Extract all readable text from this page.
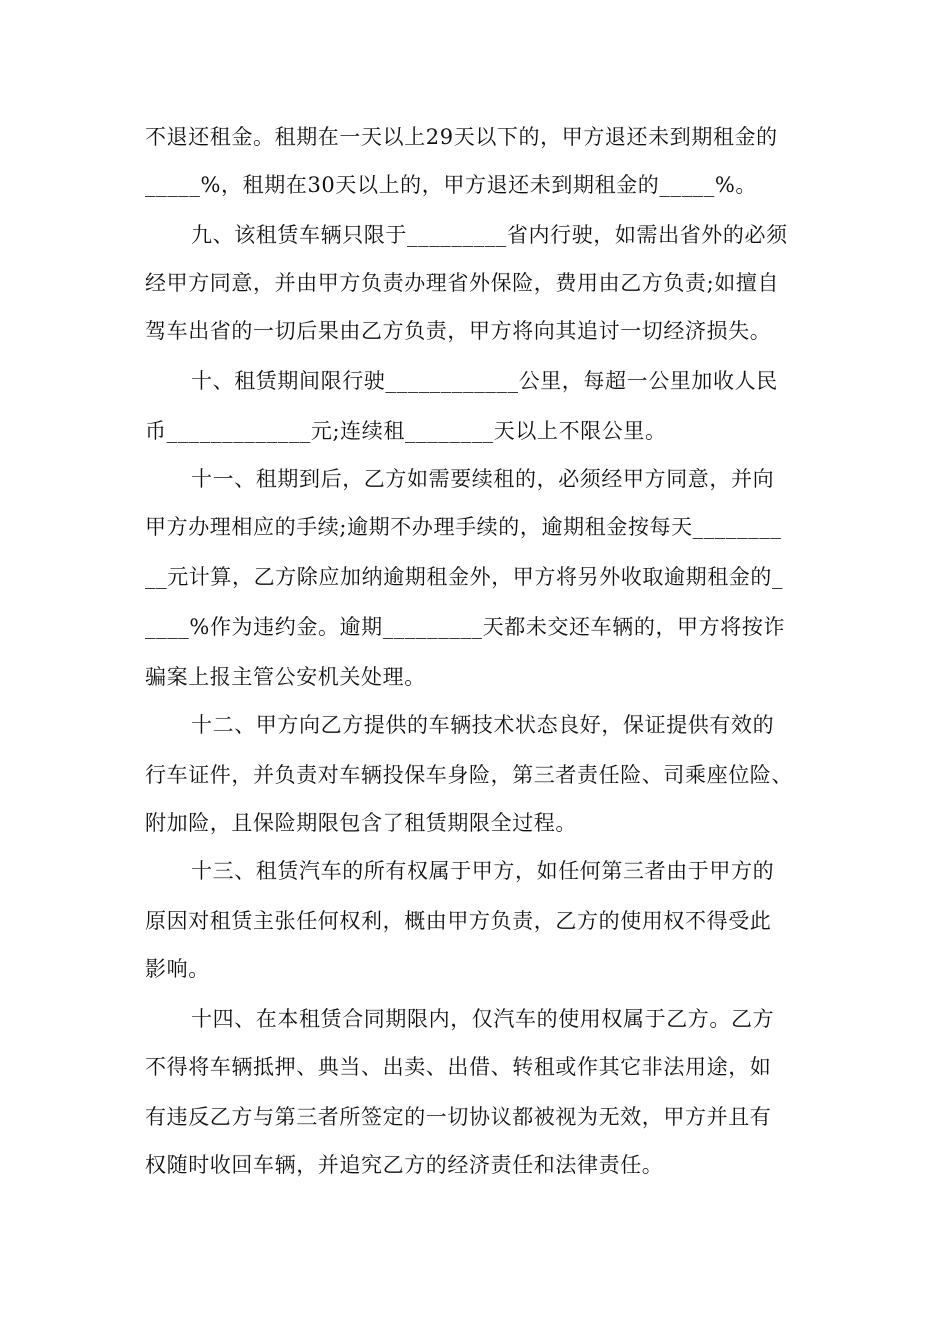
不退还租金。租期在一天以上29天以下的，甲方退还未到期租金的
_____%，租期在30天以上的，甲方退还未到期租金的_____%。
九、该租赁车辆只限于_________省内行驶，如需出省外的必须
经甲方同意，并由甲方负责办理省外保险，费用由乙方负责;如擅自
驾车出省的一切后果由乙方负责，甲方将向其追讨一切经济损失。
十、租赁期间限行驶____________公里，每超一公里加收人民
币_____________元;连续租________天以上不限公里。
十一、租期到后，乙方如需要续租的，必须经甲方同意，并向
甲方办理相应的手续;逾期不办理手续的，逾期租金按每天________
__元计算，乙方除应加纳逾期租金外，甲方将另外收取逾期租金的_
____%作为违约金。逾期_________天都未交还车辆的，甲方将按诈
骗案上报主管公安机关处理。
十二、甲方向乙方提供的车辆技术状态良好，保证提供有效的
行车证件，并负责对车辆投保车身险，第三者责任险、司乘座位险、
附加险，且保险期限包含了租赁期限全过程。
十三、租赁汽车的所有权属于甲方，如任何第三者由于甲方的
原因对租赁主张任何权利，概由甲方负责，乙方的使用权不得受此
影响。
十四、在本租赁合同期限内，仅汽车的使用权属于乙方。乙方
不得将车辆抵押、典当、出卖、出借、转租或作其它非法用途，如
有违反乙方与第三者所签定的一切协议都被视为无效，甲方并且有
权随时收回车辆，并追究乙方的经济责任和法律责任。
